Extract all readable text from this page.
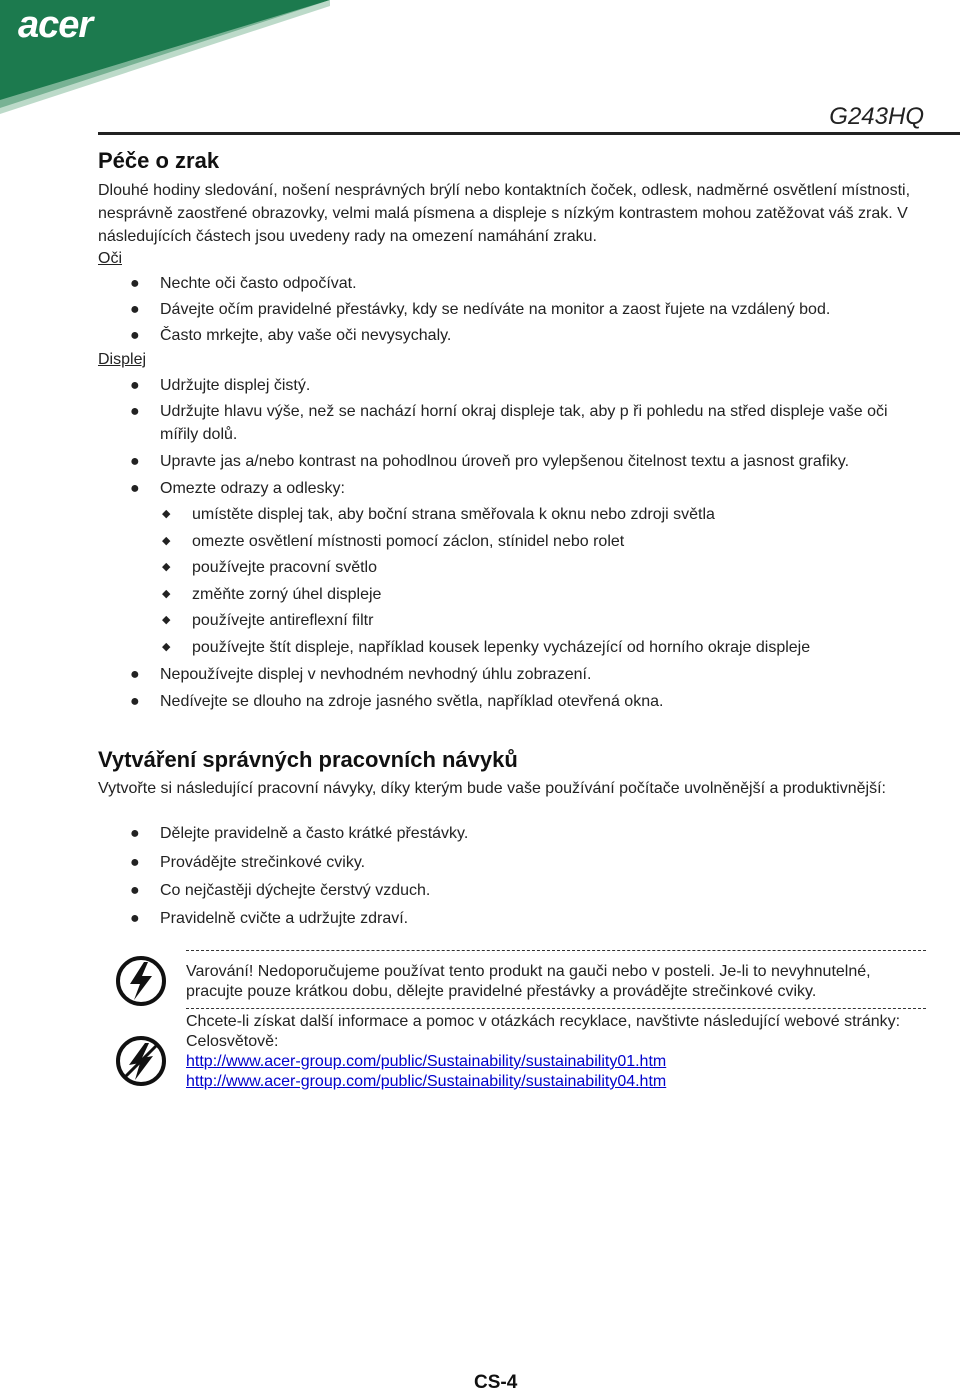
acer
G243HQ
Péče o zrak
Dlouhé hodiny sledování, nošení nesprávných brýlí nebo kontaktních čoček, odlesk, nadměrné osvětlení místnosti, nesprávně zaostřené obrazovky, velmi malá písmena a displeje s nízkým kontrastem mohou zatěžovat váš zrak. V následujících částech jsou uvedeny rady na omezení namáhání zraku.
Oči
● Nechte oči často odpočívat.
● Dávejte očím pravidelné přestávky, kdy se nedíváte na monitor a zaost řujete na vzdálený bod.
● Často mrkejte, aby vaše oči nevysychaly.
Displej
● Udržujte displej čistý.
● Udržujte hlavu výše, než se nachází horní okraj displeje tak, aby p ři pohledu na střed displeje vaše oči mířily dolů.
● Upravte jas a/nebo kontrast na pohodlnou úroveň pro vylepšenou čitelnost textu a jasnost grafiky.
● Omezte odrazy a odlesky:
◆ umístěte displej tak, aby boční strana směřovala k oknu nebo zdroji světla
◆ omezte osvětlení místnosti pomocí záclon, stínidel nebo rolet
◆ používejte pracovní světlo
◆ změňte zorný úhel displeje
◆ používejte antireflexní filtr
◆ používejte štít displeje, například kousek lepenky vycházející od horního okraje displeje
● Nepoužívejte displej v nevhodném nevhodný úhlu zobrazení.
● Nedívejte se dlouho na zdroje jasného světla, například otevřená okna.
Vytváření správných pracovních návyků
Vytvořte si následující pracovní návyky, díky kterým bude vaše používání počítače uvolněnější a produktivnější:
● Dělejte pravidelně a často krátké přestávky.
● Provádějte strečinkové cviky.
● Co nejčastěji dýchejte čerstvý vzduch.
● Pravidelně cvičte a udržujte zdraví.
Varování! Nedoporučujeme používat tento produkt na gauči nebo v posteli. Je-li to nevyhnutelné, pracujte pouze krátkou dobu, dělejte pravidelné přestávky a provádějte strečinkové cviky.
Chcete-li získat další informace a pomoc v otázkách recyklace, navštivte následující webové stránky:
Celosvětově:
http://www.acer-group.com/public/Sustainability/sustainability01.htm
http://www.acer-group.com/public/Sustainability/sustainability04.htm
CS-4
